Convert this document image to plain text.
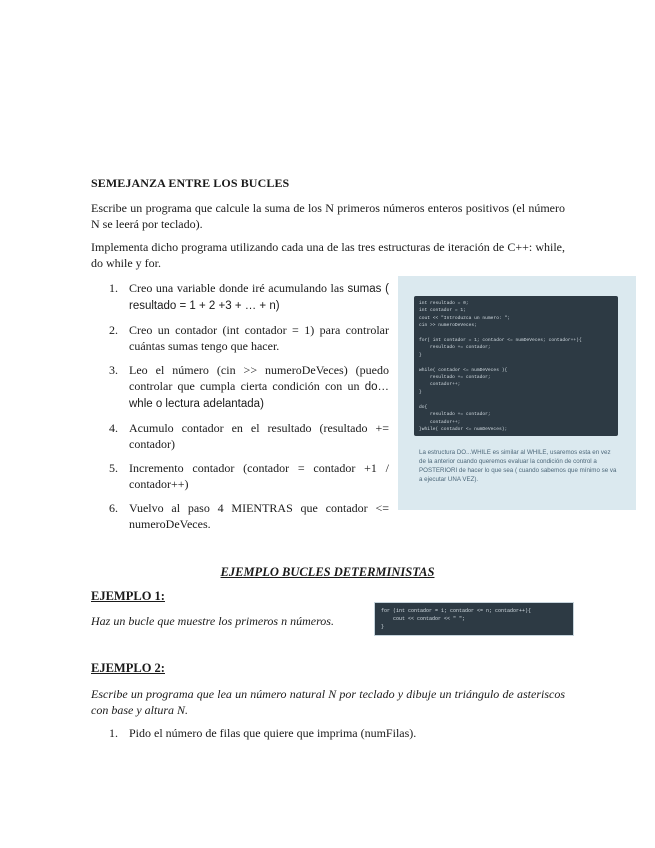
SEMEJANZA ENTRE LOS BUCLES
Escribe un programa que calcule la suma de los N primeros números enteros positivos (el número N se leerá por teclado).
Implementa dicho programa utilizando cada una de las tres estructuras de iteración de C++: while, do while y for.
1. Creo una variable donde iré acumulando las sumas ( resultado = 1 + 2 +3 + … + n)
2. Creo un contador (int contador = 1) para controlar cuántas sumas tengo que hacer.
3. Leo el número (cin >> numeroDeVeces) (puedo controlar que cumpla cierta condición con un do…whle o lectura adelantada)
4. Acumulo contador en el resultado (resultado += contador)
5. Incremento contador (contador = contador +1 / contador++)
6. Vuelvo al paso 4 MIENTRAS que contador <= numeroDeVeces.
int resultado = 0;
int contador = 1;
cout << "Introduzca un numero: ";
cin >> numeroDeVeces;

for( int contador = 1; contador <= numDeVeces; contador++){
resultado += contador;
}

while( contador <= numDeVeces ){
resultado += contador;
contador++;
}

do{
resultado += contador;
contador++;
}while( contador <= numDeVeces);
La estructura DO...WHILE es similar al WHILE, usaremos esta en vez de la anterior cuando queremos evaluar la condición de control a POSTERIORI de hacer lo que sea ( cuando sabemos que mínimo se va a ejecutar UNA VEZ).
EJEMPLO BUCLES DETERMINISTAS
EJEMPLO 1:
Haz un bucle que muestre los primeros n números.
for (int contador = 1; contador <= n; contador++){
cout << contador << " ";
}
EJEMPLO 2:
Escribe un programa que lea un número natural N por teclado y dibuje un triángulo de asteriscos con base y altura N.
1. Pido el número de filas que quiere que imprima (numFilas).
